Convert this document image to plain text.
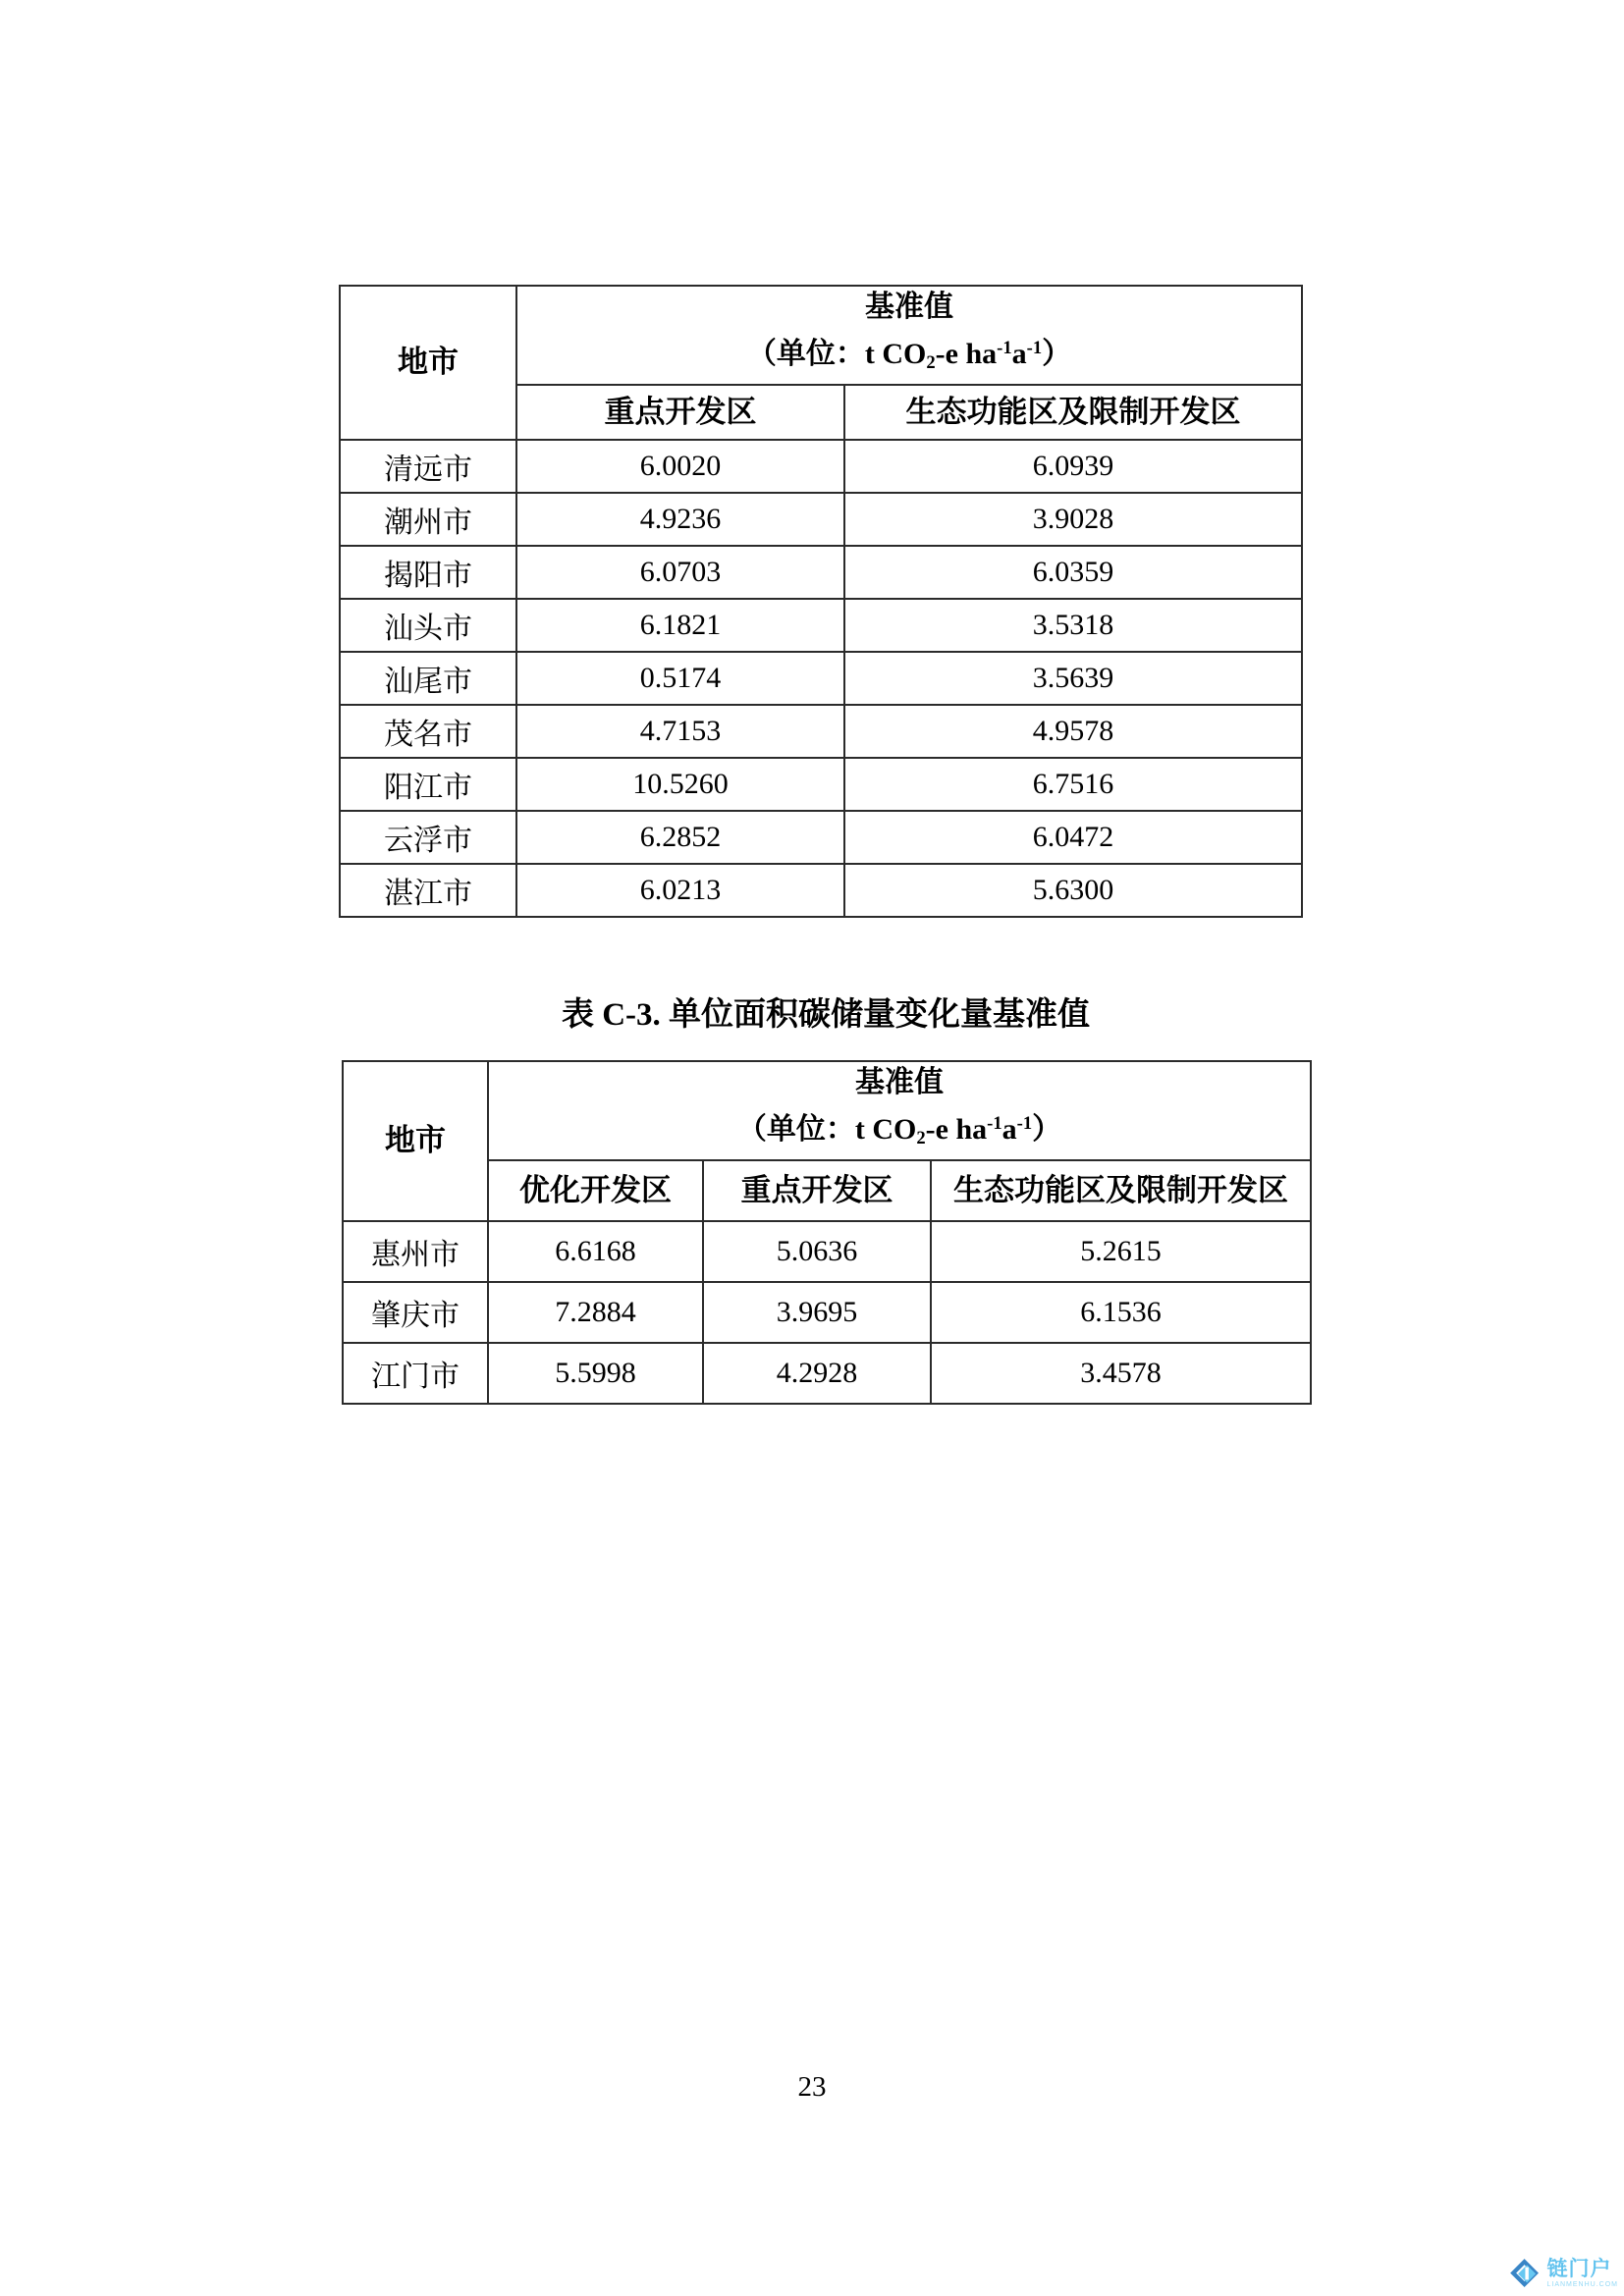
地市	基准值
（单位：t $CO_2-e$ $ha^{-1}a^{-1}$）	

	重点开发区	生态功能区及限制开发区
清远市	6.0020	6.0939
潮州市	4.9236	3.9028
揭阳市	6.0703	6.0359
汕头市	6.1821	3.5318
汕尾市	0.5174	3.5639
茂名市	4.7153	4.9578
阳江市	10.5260	6.7516
云浮市	6.2852	6.0472
湛江市	6.0213	5.6300
表 C-3. 单位面积碳储量变化量基准值
地市	基准值
（单位：t $CO_2-e$ $ha^{-1}a^{-1}$）		

	优化开发区	重点开发区	生态功能区及限制开发区
惠州市	6.6168	5.0636	5.2615
肇庆市	7.2884	3.9695	6.1536
江门市	5.5998	4.2928	3.4578
23
链门户
LIANMENHU.COM
